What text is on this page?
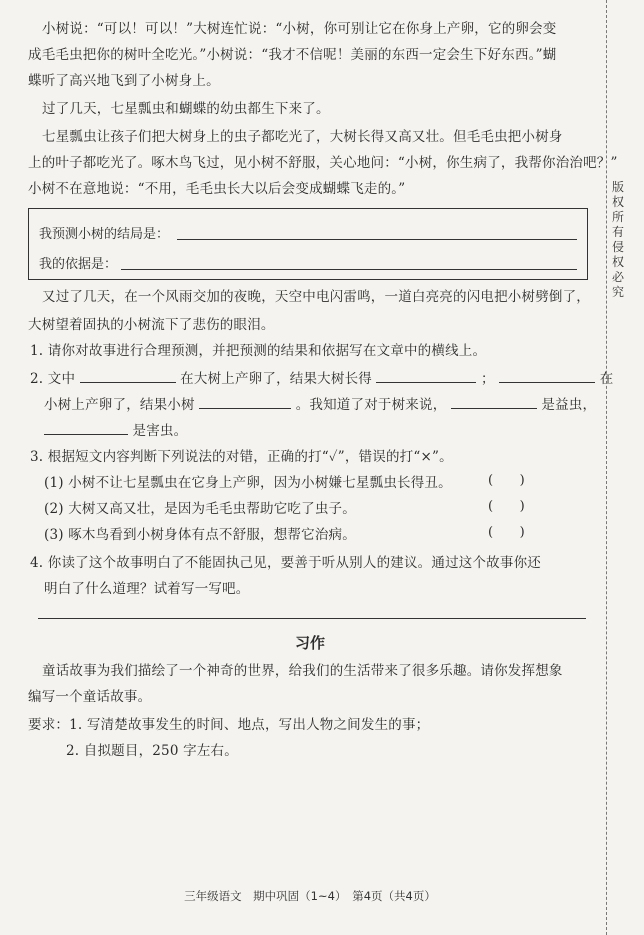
小树说：“可以！可以！”大树连忙说：“小树，你可别让它在你身上产卵，它的卵会变
成毛毛虫把你的树叶全吃光。”小树说：“我才不信呢！美丽的东西一定会生下好东西。”蝴
蝶听了高兴地飞到了小树身上。
过了几天，七星瓢虫和蝴蝶的幼虫都生下来了。
七星瓢虫让孩子们把大树身上的虫子都吃光了，大树长得又高又壮。但毛毛虫把小树身
上的叶子都吃光了。啄木鸟飞过，见小树不舒服，关心地问：“小树，你生病了，我帮你治治吧？”
小树不在意地说：“不用，毛毛虫长大以后会变成蝴蝶飞走的。”
我预测小树的结局是：
我的依据是：
又过了几天，在一个风雨交加的夜晚，天空中电闪雷鸣，一道白亮亮的闪电把小树劈倒了，
大树望着固执的小树流下了悲伤的眼泪。
1. 请你对故事进行合理预测，并把预测的结果和依据写在文章中的横线上。
2. 文中	在大树上产卵了，结果大树长得	；	在
小树上产卵了，结果小树	。我知道了对于树来说，	是益虫，
是害虫。
3. 根据短文内容判断下列说法的对错，正确的打“✓”，错误的打“×”。
(1) 小树不让七星瓢虫在它身上产卵，因为小树嫌七星瓢虫长得丑。	(　　)
(2) 大树又高又壮，是因为毛毛虫帮助它吃了虫子。	(　　)
(3) 啄木鸟看到小树身体有点不舒服，想帮它治病。	(　　)
4. 你读了这个故事明白了不能固执己见，要善于听从别人的建议。通过这个故事你还
明白了什么道理？试着写一写吧。
习作
童话故事为我们描绘了一个神奇的世界，给我们的生活带来了很多乐趣。请你发挥想象
编写一个童话故事。
要求：1. 写清楚故事发生的时间、地点，写出人物之间发生的事；
2. 自拟题目，250 字左右。
三年级语文　期中巩固（1~4）　第4页（共4页）
版权所有侵权必究
